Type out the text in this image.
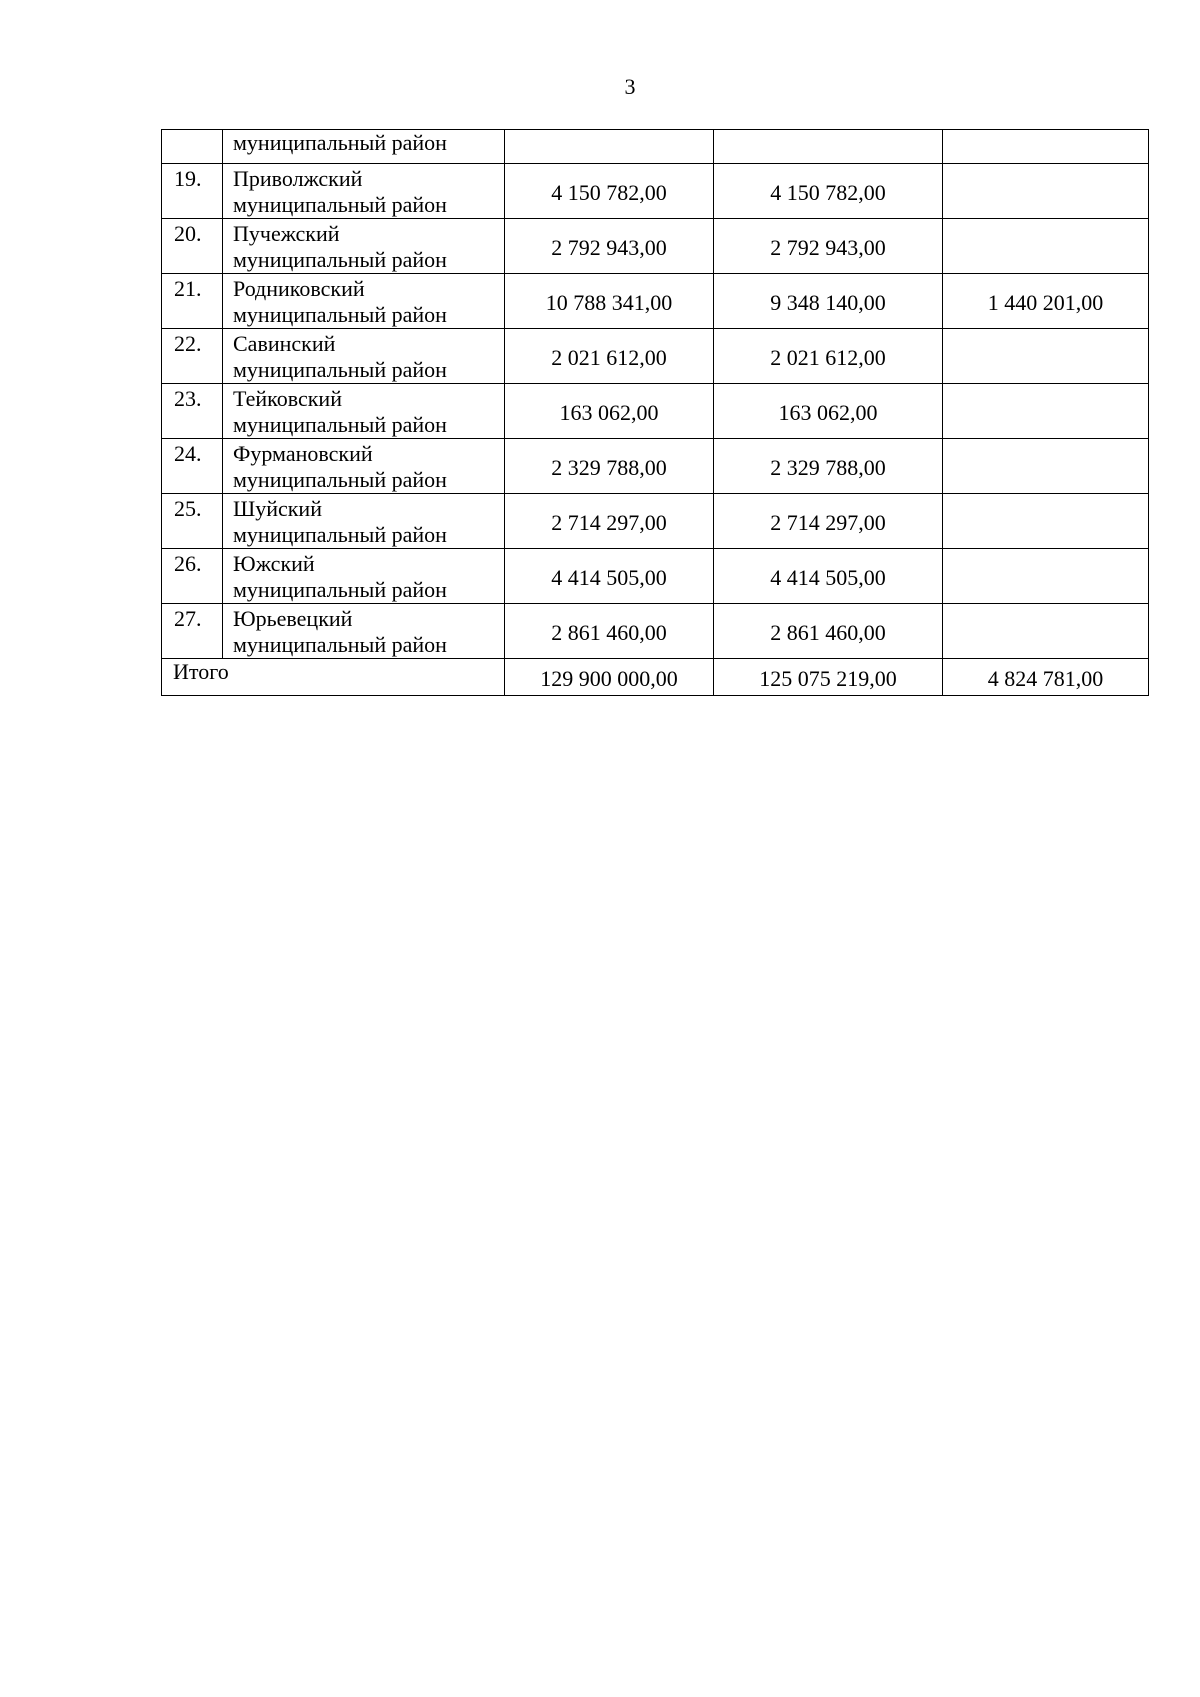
3
	муниципальный район			
19.	Приволжский
муниципальный район	4 150 782,00	4 150 782,00	
20.	Пучежский
муниципальный район	2 792 943,00	2 792 943,00	
21.	Родниковский
муниципальный район	10 788 341,00	9 348 140,00	1 440 201,00
22.	Савинский
муниципальный район	2 021 612,00	2 021 612,00	
23.	Тейковский
муниципальный район	163 062,00	163 062,00	
24.	Фурмановский
муниципальный район	2 329 788,00	2 329 788,00	
25.	Шуйский
муниципальный район	2 714 297,00	2 714 297,00	
26.	Южский
муниципальный район	4 414 505,00	4 414 505,00	
27.	Юрьевецкий
муниципальный район	2 861 460,00	2 861 460,00	
Итого		129 900 000,00	125 075 219,00	4 824 781,00
